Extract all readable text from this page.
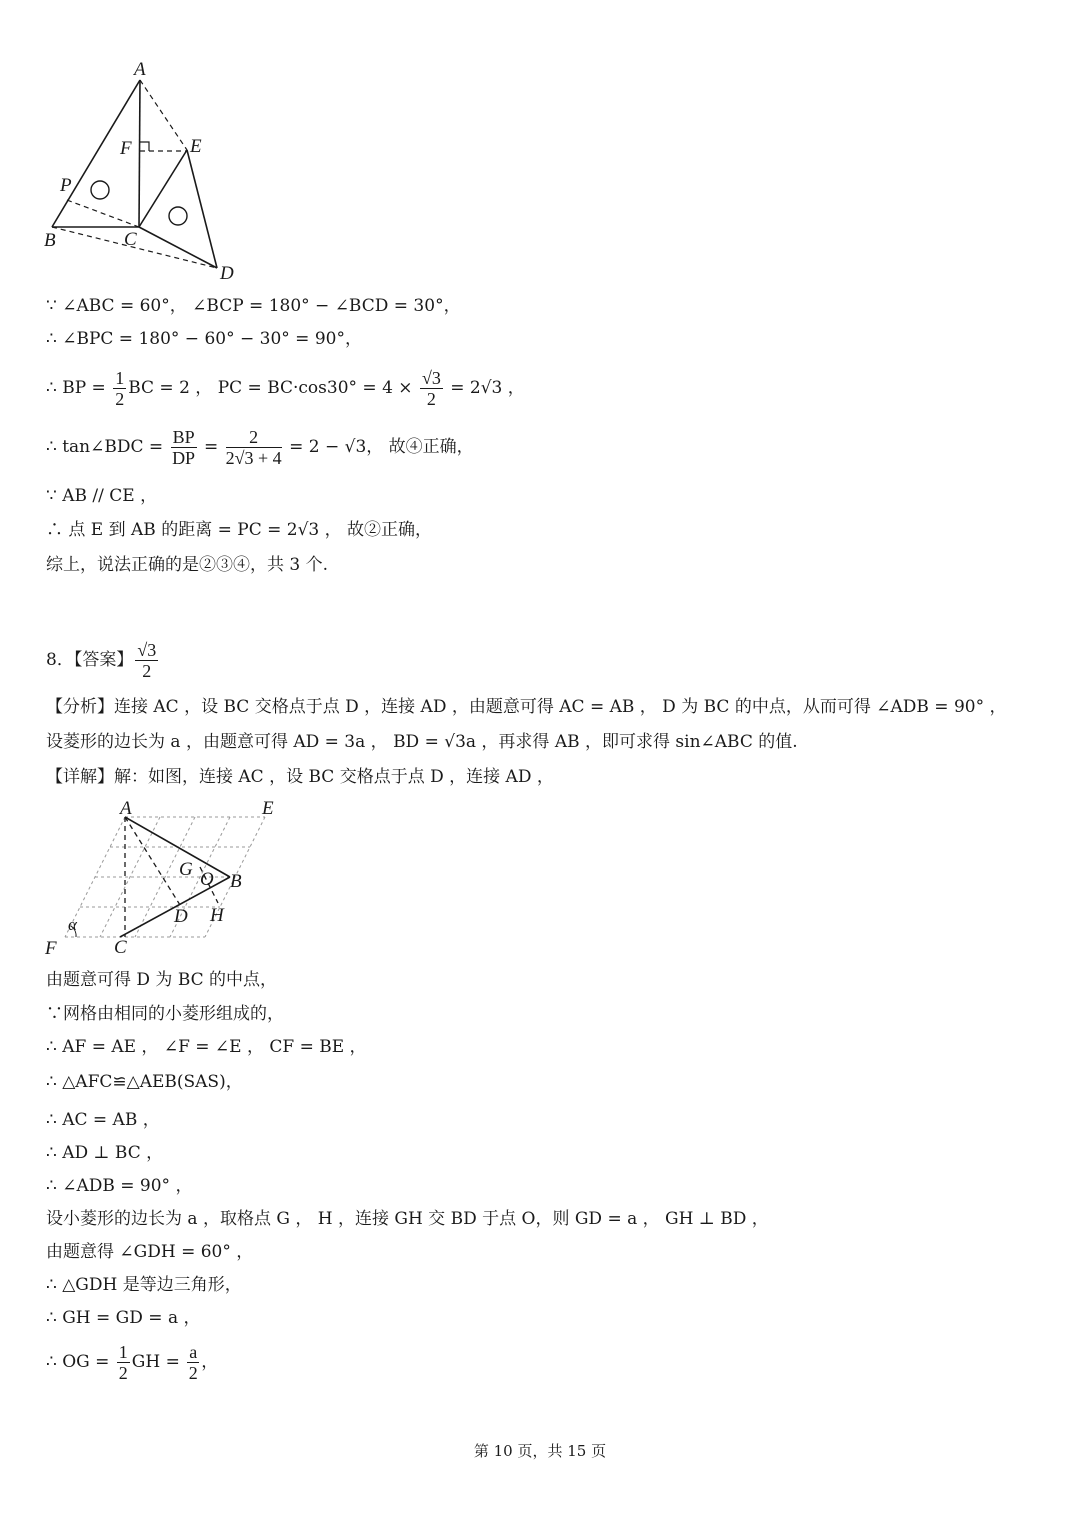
A
F	E
P
B	C
D
∵ ∠ABC = 60°， ∠BCP = 180° − ∠BCD = 30°，
∴ ∠BPC = 180° − 60° − 30° = 90°，
∴ BP = $\frac{1}{2}$ BC = 2 ， PC = $BC\cdot\cos 30^\circ = 4 \times \frac{√3}{2} = 2√3$ ，
∴ tan∠BDC = $\frac{BP}{DP} = \frac{2}{2√3 + 4} = 2 - √3$， 故④正确，
∵ AB // CE ，
∴ 点 E 到 AB 的距离 = PC = 2√3 ， 故②正确，
综上，说法正确的是②③④，共 3 个.
8．【答案】 $\frac{√3}{2}$
【分析】连接 AC ，设 BC 交格点于点 D ，连接 AD ，由题意可得 AC = AB ， D 为 BC 的中点，从而可得 ∠ADB = 90° ，
设菱形的边长为 a ，由题意可得 AD = 3a ， BD = √3a ，再求得 AB ，即可求得 sin∠ABC 的值.
【详解】解：如图，连接 AC ，设 BC 交格点于点 D ，连接 AD ，
A	E
G O B
D H
α
F	C
由题意可得 D 为 BC 的中点，
∵网格由相同的小菱形组成的，
∴ AF = AE ， ∠F = ∠E ， CF = BE ，
∴ △AFC≌△AEB(SAS)，
∴ AC = AB ，
∴ AD ⊥ BC ，
∴ ∠ADB = 90° ，
设小菱形的边长为 a ，取格点 G ， H ，连接 GH 交 BD 于点 O，则 GD = a ， GH ⊥ BD ，
由题意得 ∠GDH = 60° ，
∴ △GDH 是等边三角形，
∴ GH = GD = a ，
∴ OG = $\frac{1}{2}$ GH = $\frac{a}{2}$ ，
第 10 页，共 15 页
